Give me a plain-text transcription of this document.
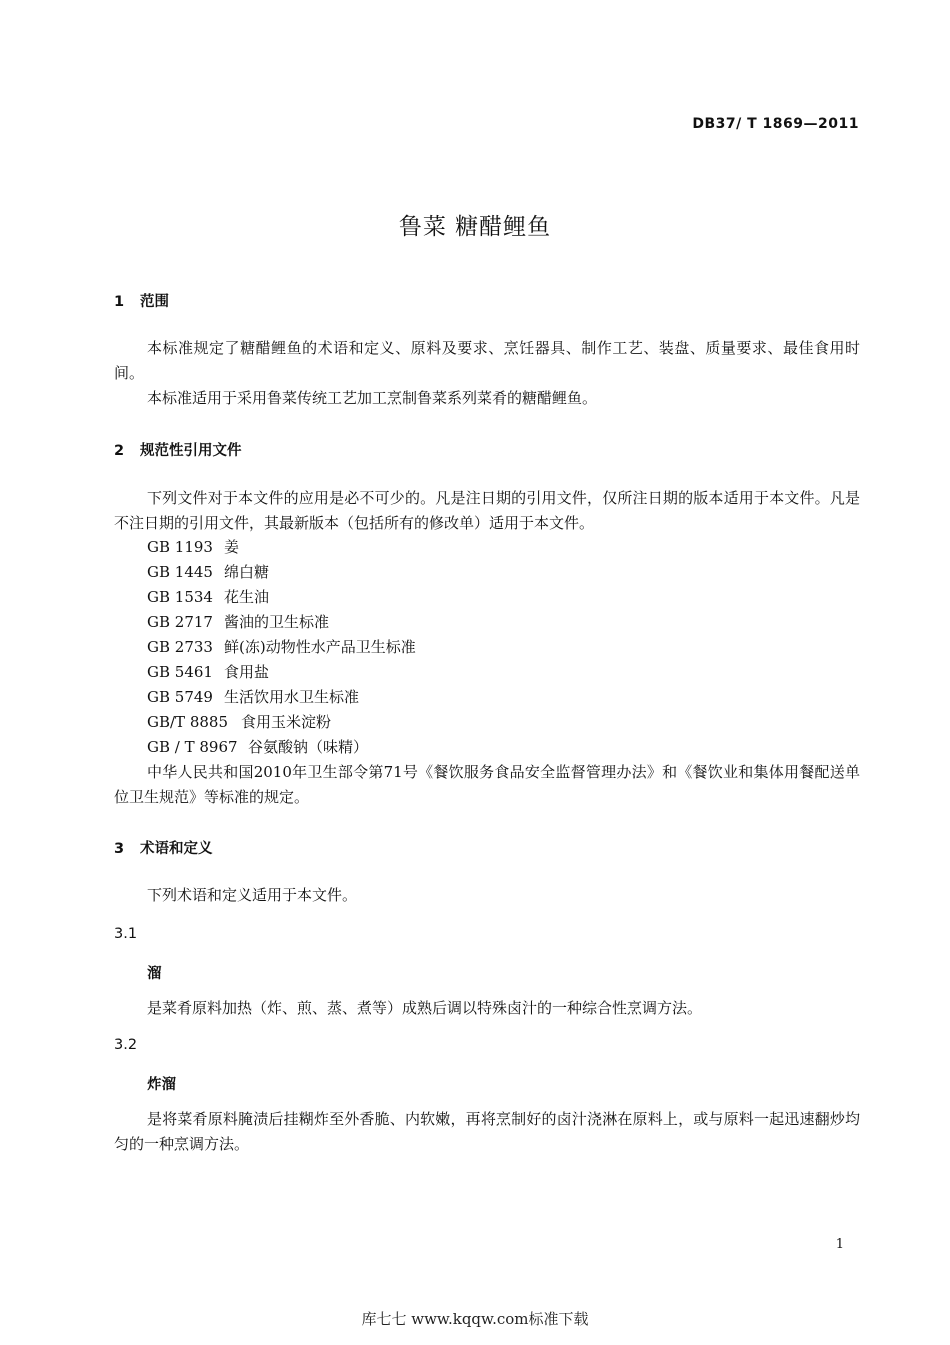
DB37/ T 1869—2011
鲁菜 糖醋鲤鱼
1 范围
本标准规定了糖醋鲤鱼的术语和定义、原料及要求、烹饪器具、制作工艺、装盘、质量要求、最佳食用时间。
本标准适用于采用鲁菜传统工艺加工烹制鲁菜系列菜肴的糖醋鲤鱼。
2 规范性引用文件
下列文件对于本文件的应用是必不可少的。凡是注日期的引用文件，仅所注日期的版本适用于本文件。凡是不注日期的引用文件，其最新版本（包括所有的修改单）适用于本文件。
GB 1193 姜
GB 1445 绵白糖
GB 1534 花生油
GB 2717 酱油的卫生标准
GB 2733 鲜(冻)动物性水产品卫生标准
GB 5461 食用盐
GB 5749 生活饮用水卫生标准
GB/T 8885 食用玉米淀粉
GB / T 8967 谷氨酸钠（味精）
中华人民共和国2010年卫生部令第71号《餐饮服务食品安全监督管理办法》和《餐饮业和集体用餐配送单位卫生规范》等标准的规定。
3 术语和定义
下列术语和定义适用于本文件。
3.1
溜
是菜肴原料加热（炸、煎、蒸、煮等）成熟后调以特殊卤汁的一种综合性烹调方法。
3.2
炸溜
是将菜肴原料腌渍后挂糊炸至外香脆、内软嫩，再将烹制好的卤汁浇淋在原料上，或与原料一起迅速翻炒均匀的一种烹调方法。
1
库七七 www.kqqw.com标准下载
